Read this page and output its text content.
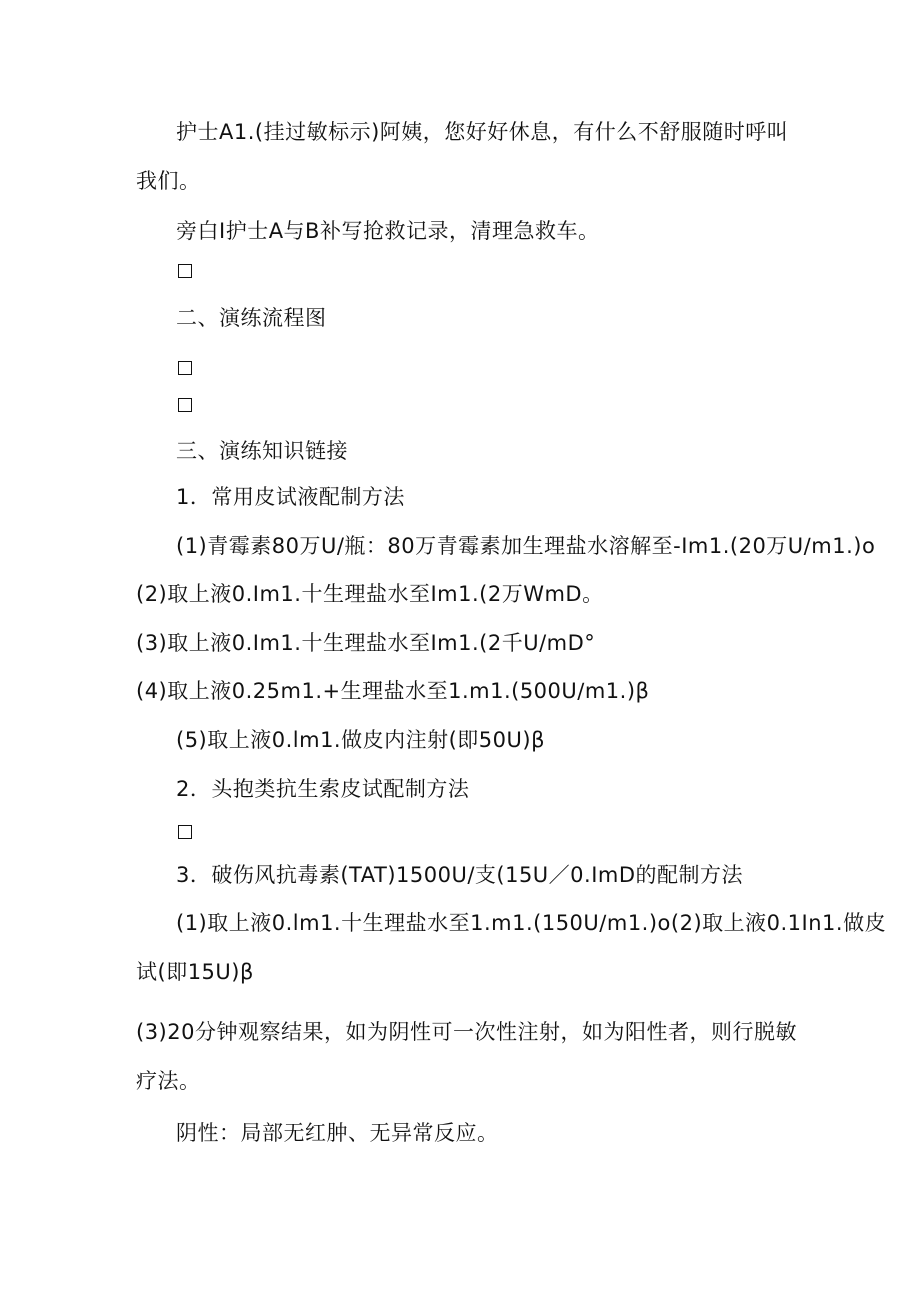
护士A1.(挂过敏标示)阿姨，您好好休息，有什么不舒服随时呼叫
我们。
旁白I护士A与B补写抢救记录，清理急救车。
二、演练流程图
三、演练知识链接
1．常用皮试液配制方法
(1)青霉素80万U/瓶：80万青霉素加生理盐水溶解至-Im1.(20万U∕m1.)o
(2)取上液0.Im1.十生理盐水至Im1.(2万WmD。
(3)取上液0.Im1.十生理盐水至Im1.(2千U/mD°
(4)取上液0.25m1.+生理盐水至1.m1.(500U∕m1.)β
(5)取上液0.lm1.做皮内注射(即50U)β
2．头抱类抗生索皮试配制方法
3．破伤风抗毒素(TAT)1500U/支(15U／0.ImD的配制方法
(1)取上液0.lm1.十生理盐水至1.m1.(150U∕m1.)o(2)取上液0.1In1.做皮
试(即15U)β
(3)20分钟观察结果，如为阴性可一次性注射，如为阳性者，则行脱敏
疗法。
阴性：局部无红肿、无异常反应。
